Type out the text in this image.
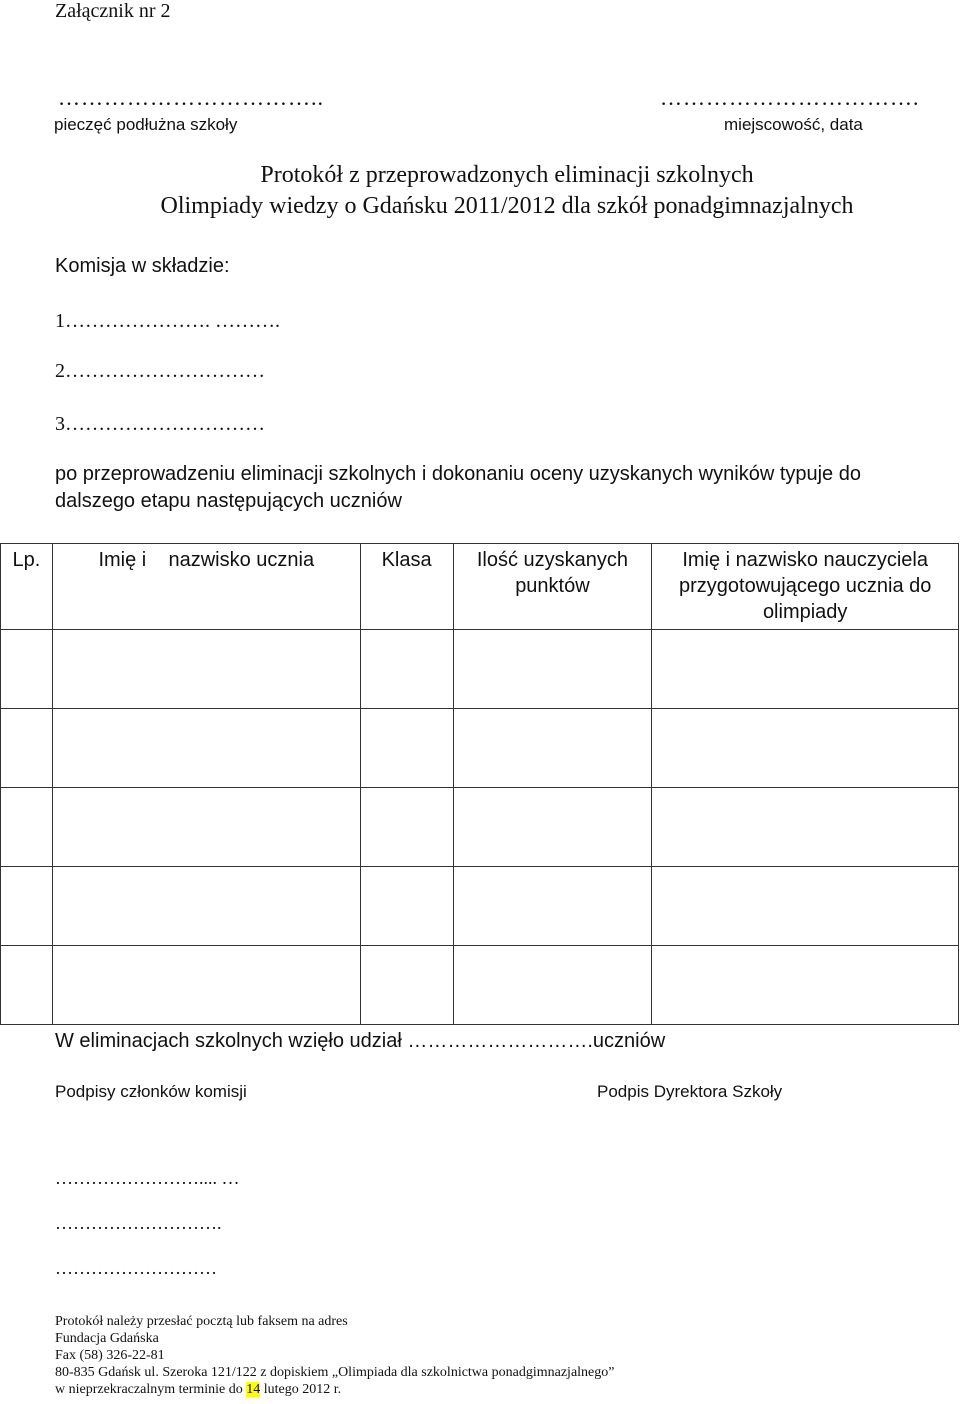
Załącznik nr 2
……………………………..
pieczęć podłużna szkoły
…………………………….
miejscowość, data
Protokół z przeprowadzonych eliminacji szkolnych
Olimpiady wiedzy o Gdańsku 2011/2012 dla szkół ponadgimnazjalnych
Komisja w składzie:
1…………………. ……….
2…………………………
3…………………………
po przeprowadzeniu eliminacji szkolnych i dokonaniu oceny uzyskanych wyników typuje do
dalszego etapu następujących uczniów
Lp.	Imię i    nazwisko ucznia	Klasa	Ilość uzyskanych punktów	Imię i nazwisko nauczyciela przygotowującego ucznia do olimpiady

W eliminacjach szkolnych wzięło udział ……………………….uczniów
Podpisy członków komisji	Podpis Dyrektora Szkoły
…………………….... …
……………………….
………………………
Protokół należy przesłać pocztą lub faksem na adres
Fundacja Gdańska
Fax (58) 326-22-81
80-835 Gdańsk ul. Szeroka 121/122 z dopiskiem „Olimpiada dla szkolnictwa ponadgimnazjalnego”
w nieprzekraczalnym terminie do 14 lutego 2012 r.
